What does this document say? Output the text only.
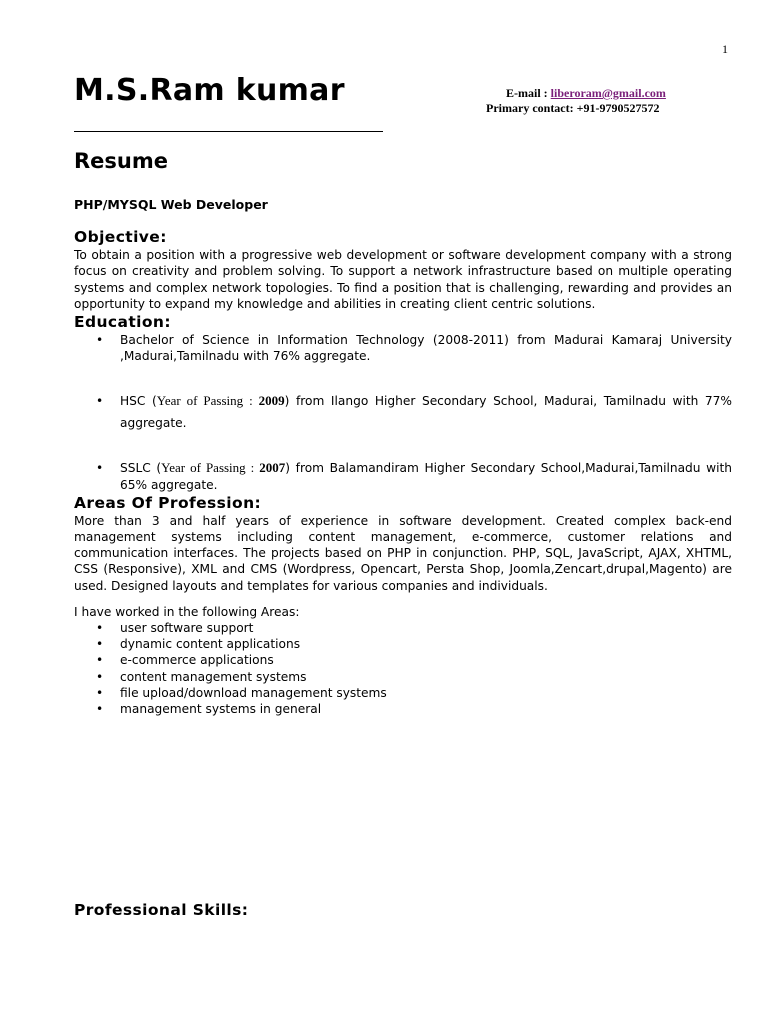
1
M.S.Ram kumar	E-mail : liberoram@gmail.com
Primary contact: +91-9790527572
Resume
PHP/MYSQL Web Developer
Objective:

To obtain a position with a progressive web development or software development company with a strong focus on creativity and problem solving. To support a network infrastructure based on multiple operating systems and complex network topologies. To find a position that is challenging, rewarding and provides an opportunity to expand my knowledge and abilities in creating client centric solutions.

Education:
• Bachelor of Science in Information Technology (2008-2011) from Madurai Kamaraj University ,Madurai,Tamilnadu with 76% aggregate.
• HSC (Year of Passing : 2009) from Ilango Higher Secondary School, Madurai, Tamilnadu with 77% aggregate.
• SSLC (Year of Passing : 2007) from Balamandiram Higher Secondary School,Madurai,Tamilnadu with 65% aggregate.
Areas Of Profession:

More than 3 and half years of experience in software development. Created complex back-end management systems including content management, e-commerce, customer relations and communication interfaces. The projects based on PHP in conjunction. PHP, SQL, JavaScript, AJAX, XHTML, CSS (Responsive), XML and CMS (Wordpress, Opencart, Persta Shop, Joomla,Zencart,drupal,Magento) are used. Designed layouts and templates for various companies and individuals.

I have worked in the following Areas:

• user software support
• dynamic content applications
• e-commerce applications
• content management systems
• file upload/download management systems
• management systems in general
Professional Skills:
